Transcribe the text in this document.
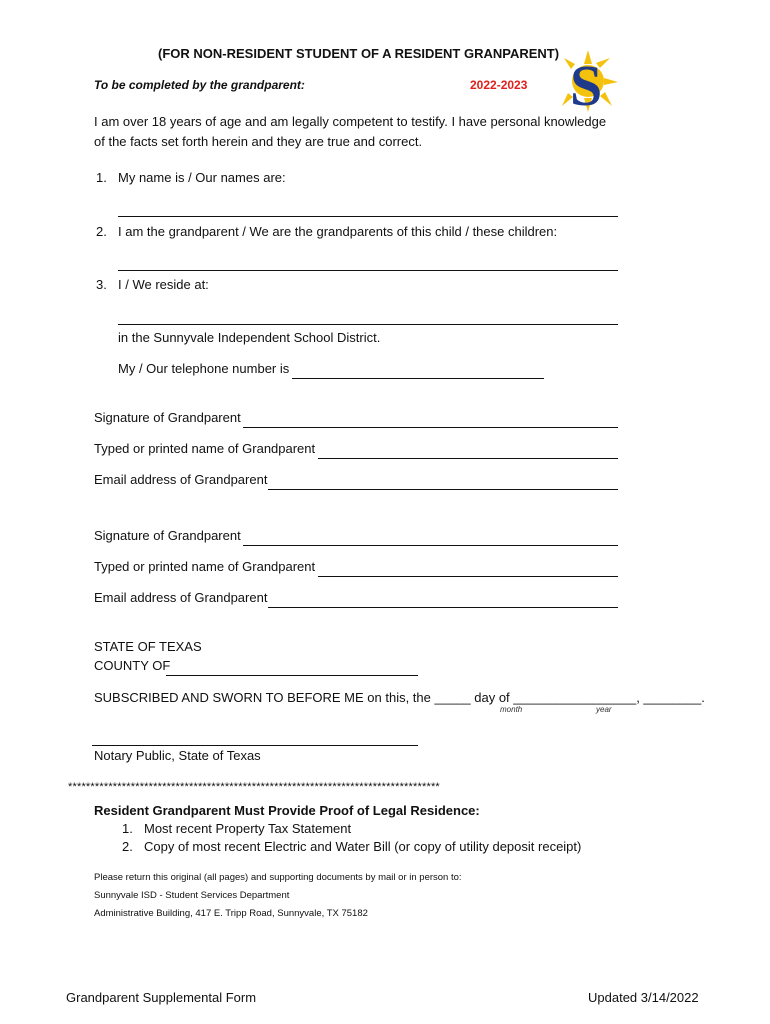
(FOR NON-RESIDENT STUDENT OF A RESIDENT GRANPARENT)
To be completed by the grandparent:	2022-2023 S
I am over 18 years of age and am legally competent to testify. I have personal knowledge of the facts set forth herein and they are true and correct.
1. My name is / Our names are:
2. I am the grandparent / We are the grandparents of this child / these children:
3. I / We reside at:
in the Sunnyvale Independent School District.
My / Our telephone number is
Signature of Grandparent
Typed or printed name of Grandparent
Email address of Grandparent
Signature of Grandparent
Typed or printed name of Grandparent
Email address of Grandparent
STATE OF TEXAS
COUNTY OF
SUBSCRIBED AND SWORN TO BEFORE ME on this, the _____ day of _________________, ________.
month	year
Notary Public, State of Texas
***********************************************************************************
Resident Grandparent Must Provide Proof of Legal Residence:
1. Most recent Property Tax Statement
2. Copy of most recent Electric and Water Bill (or copy of utility deposit receipt)
Please return this original (all pages) and supporting documents by mail or in person to:
Sunnyvale ISD - Student Services Department
Administrative Building, 417 E. Tripp Road, Sunnyvale, TX 75182
Grandparent Supplemental Form	Updated 3/14/2022
